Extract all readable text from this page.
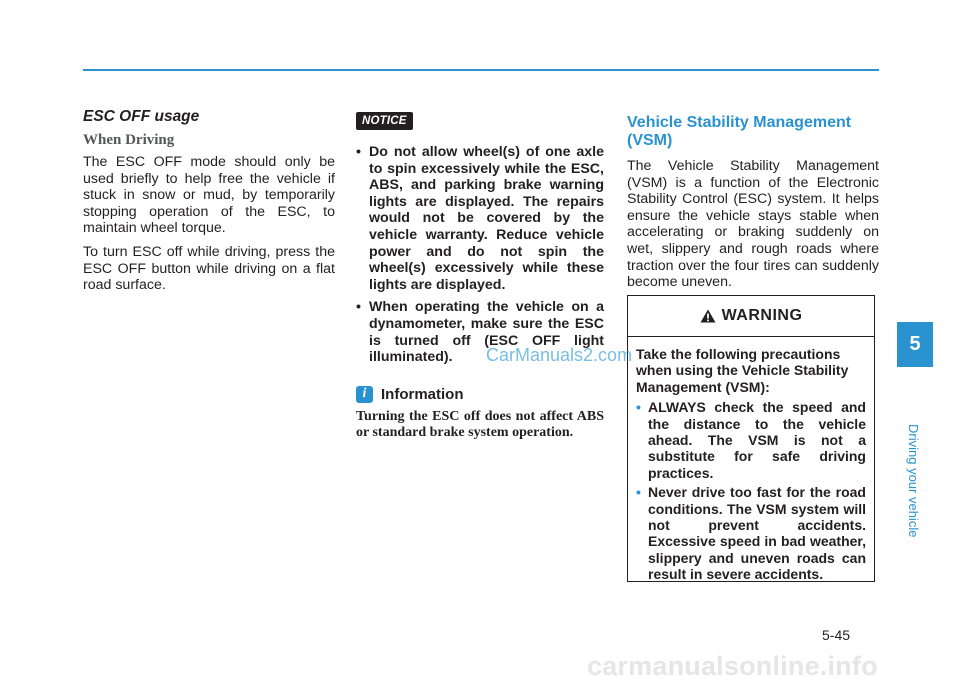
ESC OFF usage
When Driving

The ESC OFF mode should only be used briefly to help free the vehicle if stuck in snow or mud, by temporarily stopping operation of the ESC, to maintain wheel torque.

To turn ESC off while driving, press the ESC OFF button while driving on a flat road surface.

NOTICE
• Do not allow wheel(s) of one axle to spin excessively while the ESC, ABS, and parking brake warning lights are displayed. The repairs would not be covered by the vehicle warranty. Reduce vehicle power and do not spin the wheel(s) excessively while these lights are displayed.
• When operating the vehicle on a dynamometer, make sure the ESC is turned off (ESC OFF light illuminated).
i Information

Turning the ESC off does not affect ABS or standard brake system operation.

Vehicle Stability Management (VSM)

The Vehicle Stability Management (VSM) is a function of the Electronic Stability Control (ESC) system. It helps ensure the vehicle stays stable when accelerating or braking suddenly on wet, slippery and rough roads where traction over the four tires can suddenly become uneven.

WARNING

Take the following precautions when using the Vehicle Stability Management (VSM):

• ALWAYS check the speed and the distance to the vehicle ahead. The VSM is not a substitute for safe driving practices.
• Never drive too fast for the road conditions. The VSM system will not prevent accidents. Excessive speed in bad weather, slippery and uneven roads can result in severe accidents.
5
Driving your vehicle
5-45
CarManuals2.com
carmanualsonline.info
